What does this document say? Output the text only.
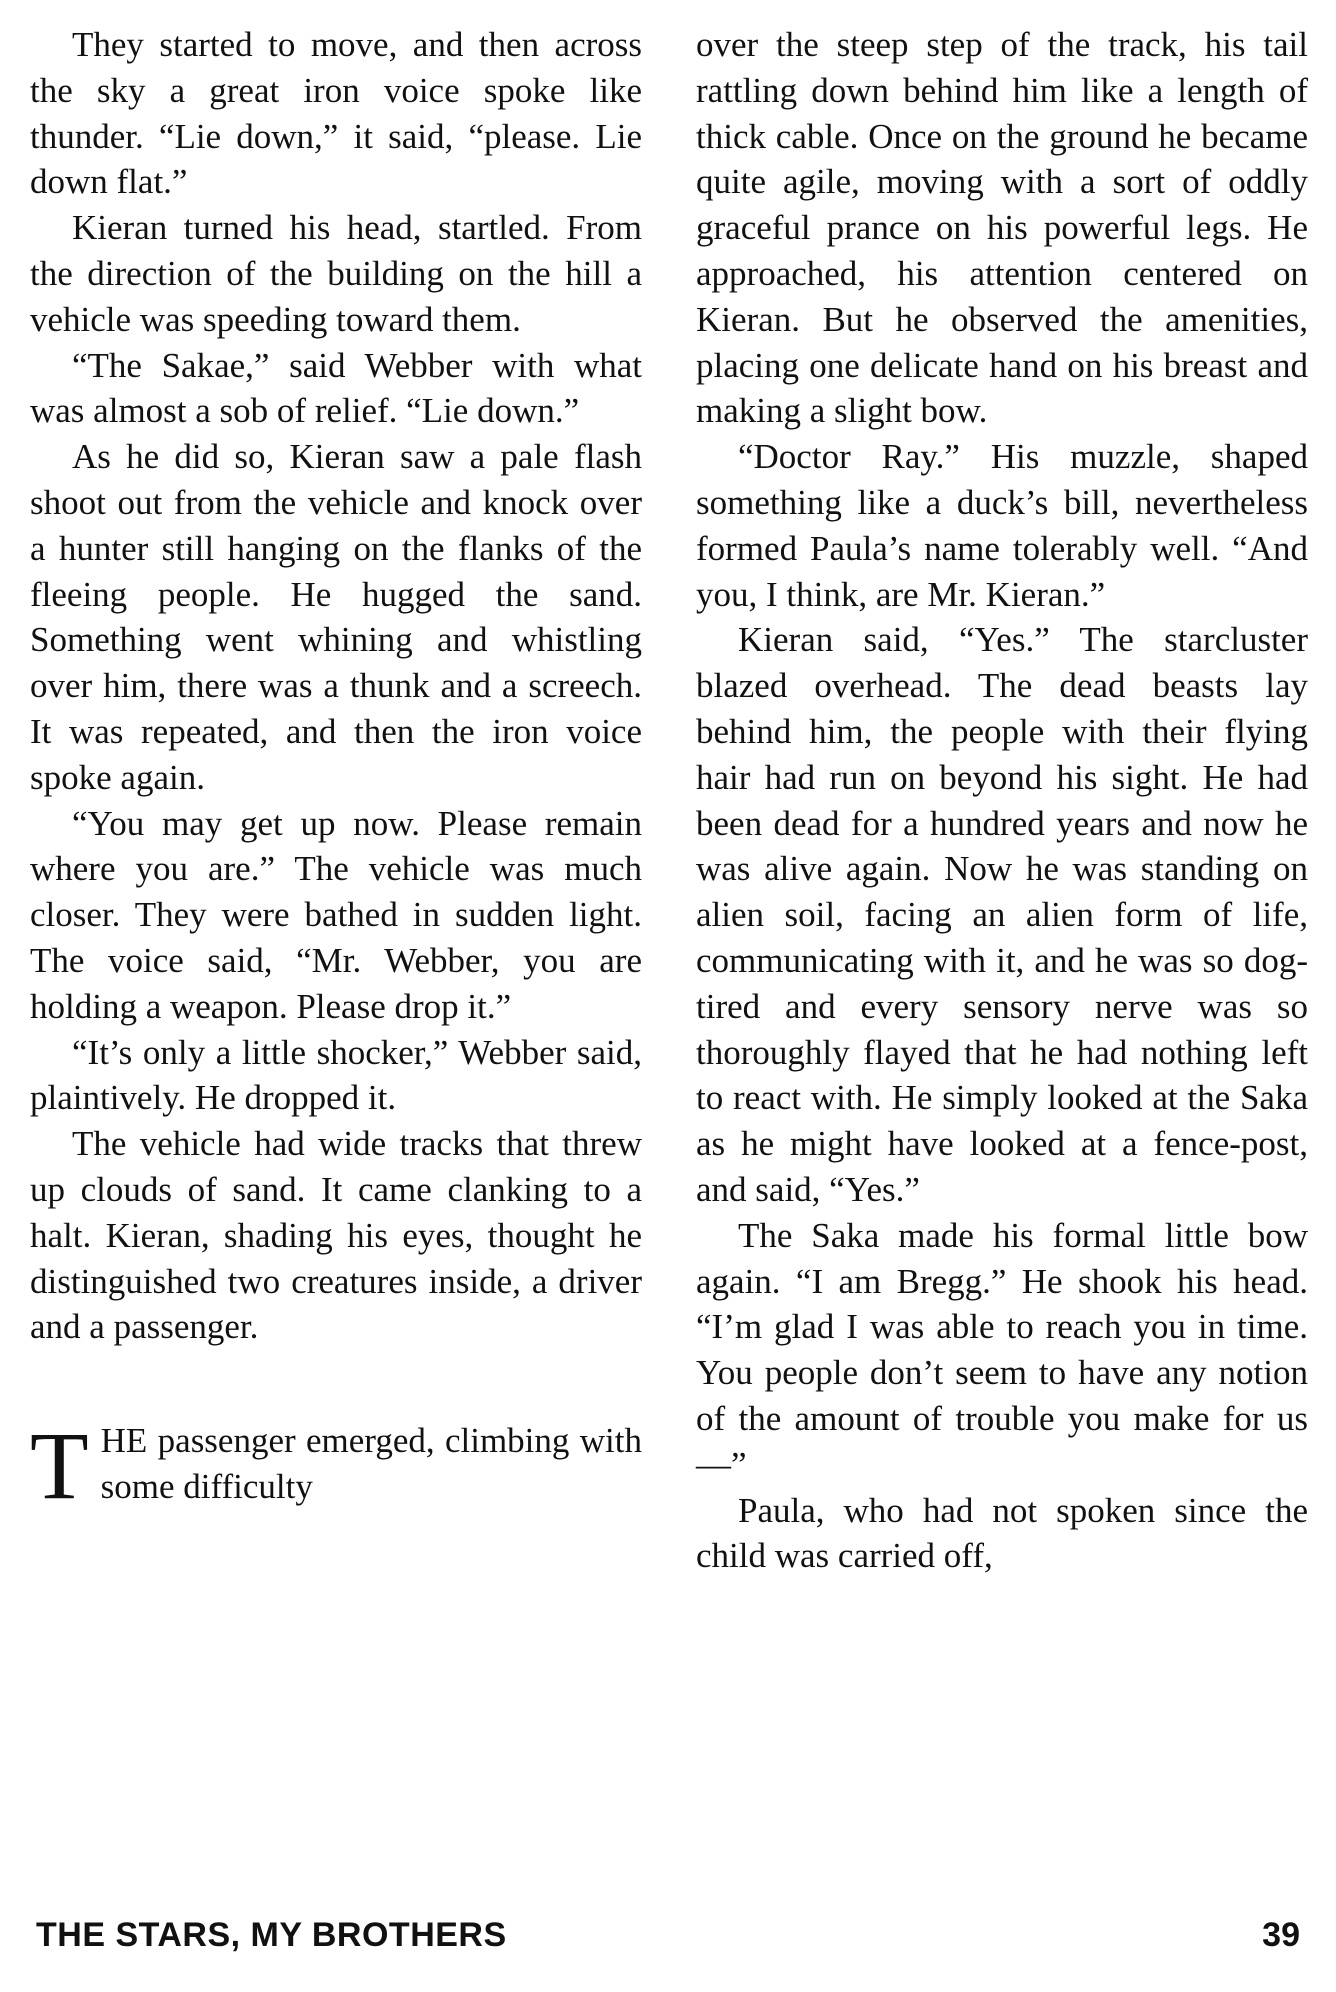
They started to move, and then across the sky a great iron voice spoke like thunder. “Lie down,” it said, “please. Lie down flat.”

Kieran turned his head, startled. From the direction of the building on the hill a vehicle was speeding toward them.

“The Sakae,” said Webber with what was almost a sob of relief. “Lie down.”

As he did so, Kieran saw a pale flash shoot out from the vehicle and knock over a hunter still hanging on the flanks of the fleeing people. He hugged the sand. Something went whining and whistling over him, there was a thunk and a screech. It was repeated, and then the iron voice spoke again.

“You may get up now. Please remain where you are.” The vehicle was much closer. They were bathed in sudden light. The voice said, “Mr. Webber, you are holding a weapon. Please drop it.”

“It’s only a little shocker,” Webber said, plaintively. He dropped it.

The vehicle had wide tracks that threw up clouds of sand. It came clanking to a halt. Kieran, shading his eyes, thought he distinguished two creatures inside, a driver and a passenger.

THE passenger emerged, climbing with some difficulty

over the steep step of the track, his tail rattling down behind him like a length of thick cable. Once on the ground he became quite agile, moving with a sort of oddly graceful prance on his powerful legs. He approached, his attention centered on Kieran. But he observed the amenities, placing one delicate hand on his breast and making a slight bow.

“Doctor Ray.” His muzzle, shaped something like a duck’s bill, nevertheless formed Paula’s name tolerably well. “And you, I think, are Mr. Kieran.”

Kieran said, “Yes.” The starcluster blazed overhead. The dead beasts lay behind him, the people with their flying hair had run on beyond his sight. He had been dead for a hundred years and now he was alive again. Now he was standing on alien soil, facing an alien form of life, communicating with it, and he was so dog-tired and every sensory nerve was so thoroughly flayed that he had nothing left to react with. He simply looked at the Saka as he might have looked at a fence-post, and said, “Yes.”

The Saka made his formal little bow again. “I am Bregg.” He shook his head. “I’m glad I was able to reach you in time. You people don’t seem to have any notion of the amount of trouble you make for us—”

Paula, who had not spoken since the child was carried off,

THE STARS, MY BROTHERS	39
